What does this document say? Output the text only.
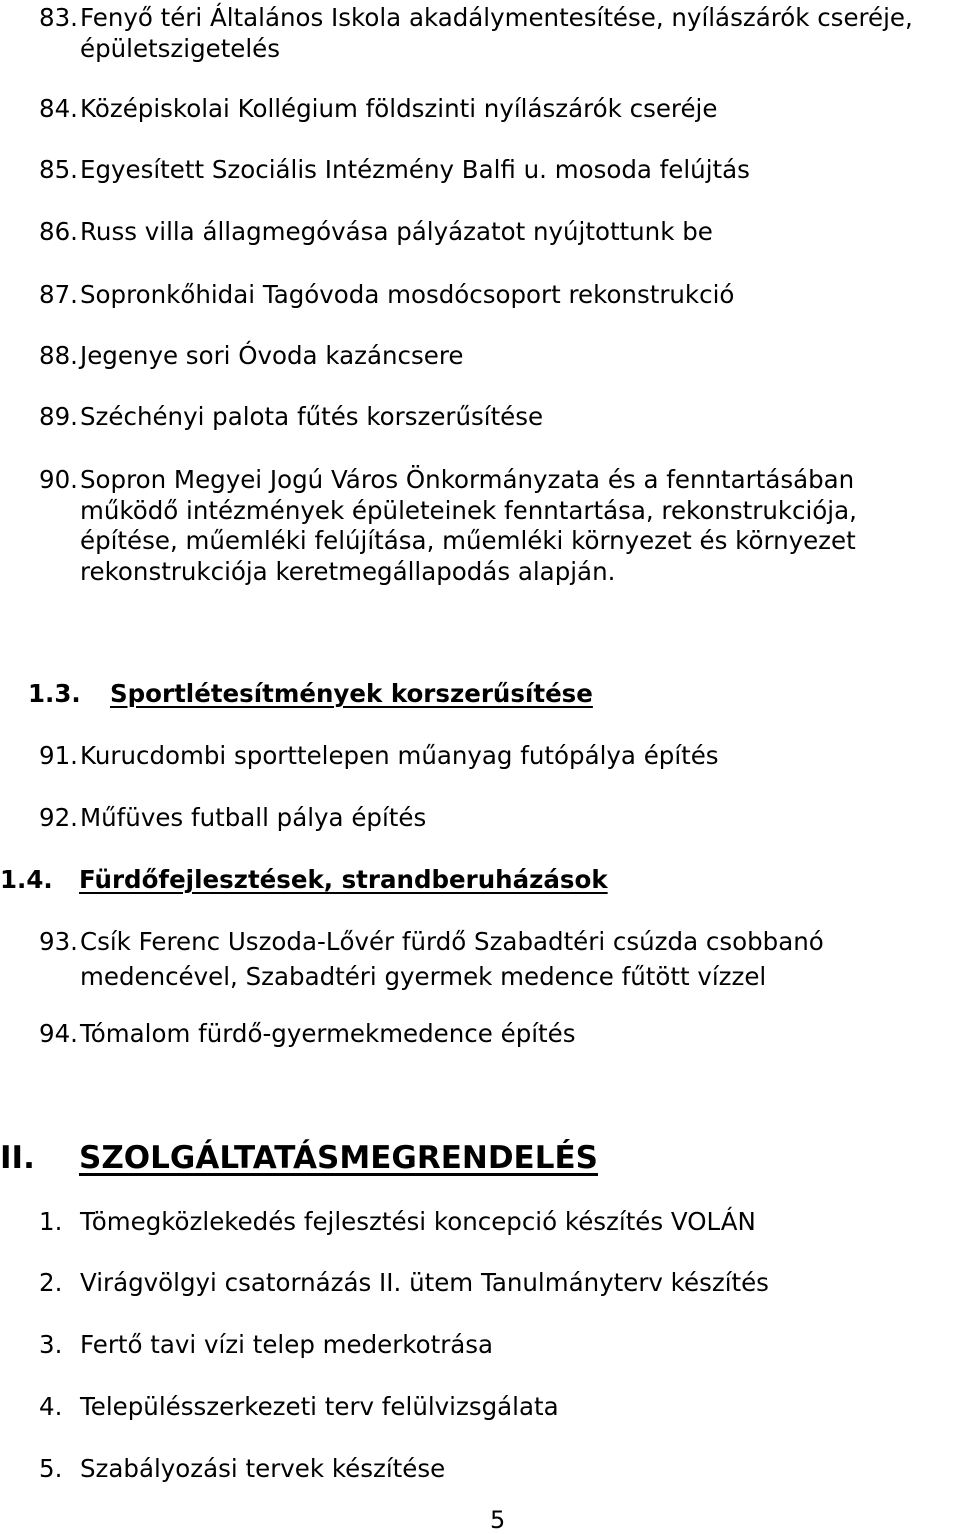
83.Fenyő téri Általános Iskola akadálymentesítése, nyílászárók cseréje,
épületszigetelés
84.Középiskolai Kollégium földszinti nyílászárók cseréje
85.Egyesített Szociális Intézmény Balfi u. mosoda felújtás
86.Russ villa állagmegóvása pályázatot nyújtottunk be
87.Sopronkőhidai Tagóvoda mosdócsoport rekonstrukció
88.Jegenye sori Óvoda kazáncsere
89.Széchényi palota fűtés korszerűsítése
90.Sopron Megyei Jogú Város Önkormányzata és a fenntartásában
működő intézmények épületeinek fenntartása, rekonstrukciója,
építése, műemléki felújítása, műemléki környezet és környezet
rekonstrukciója keretmegállapodás alapján.
1.3. Sportlétesítmények korszerűsítése
91.Kurucdombi sporttelepen műanyag futópálya építés
92.Műfüves futball pálya építés
1.4. Fürdőfejlesztések, strandberuházások
93.Csík Ferenc Uszoda-Lővér fürdő Szabadtéri csúzda csobbanó
medencével, Szabadtéri gyermek medence fűtött vízzel
94.Tómalom fürdő-gyermekmedence építés
II. SZOLGÁLTATÁSMEGRENDELÉS
1. Tömegközlekedés fejlesztési koncepció készítés VOLÁN
2. Virágvölgyi csatornázás II. ütem Tanulmányterv készítés
3. Fertő tavi vízi telep mederkotrása
4. Településszerkezeti terv felülvizsgálata
5. Szabályozási tervek készítése
5
